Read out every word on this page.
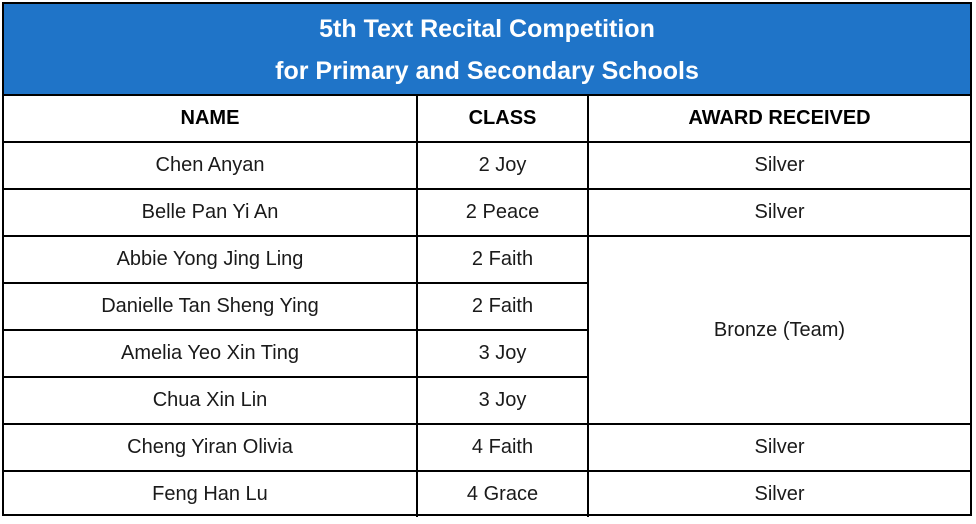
5th Text Recital Competition
for Primary and Secondary Schools
NAME	CLASS	AWARD RECEIVED
Chen Anyan	2 Joy	Silver
Belle Pan Yi An	2 Peace	Silver
Abbie Yong Jing Ling	2 Faith	Bronze (Team)
Danielle Tan Sheng Ying	2 Faith	
Amelia Yeo Xin Ting	3 Joy	
Chua Xin Lin	3 Joy	
Cheng Yiran Olivia	4 Faith	Silver
Feng Han Lu	4 Grace	Silver
